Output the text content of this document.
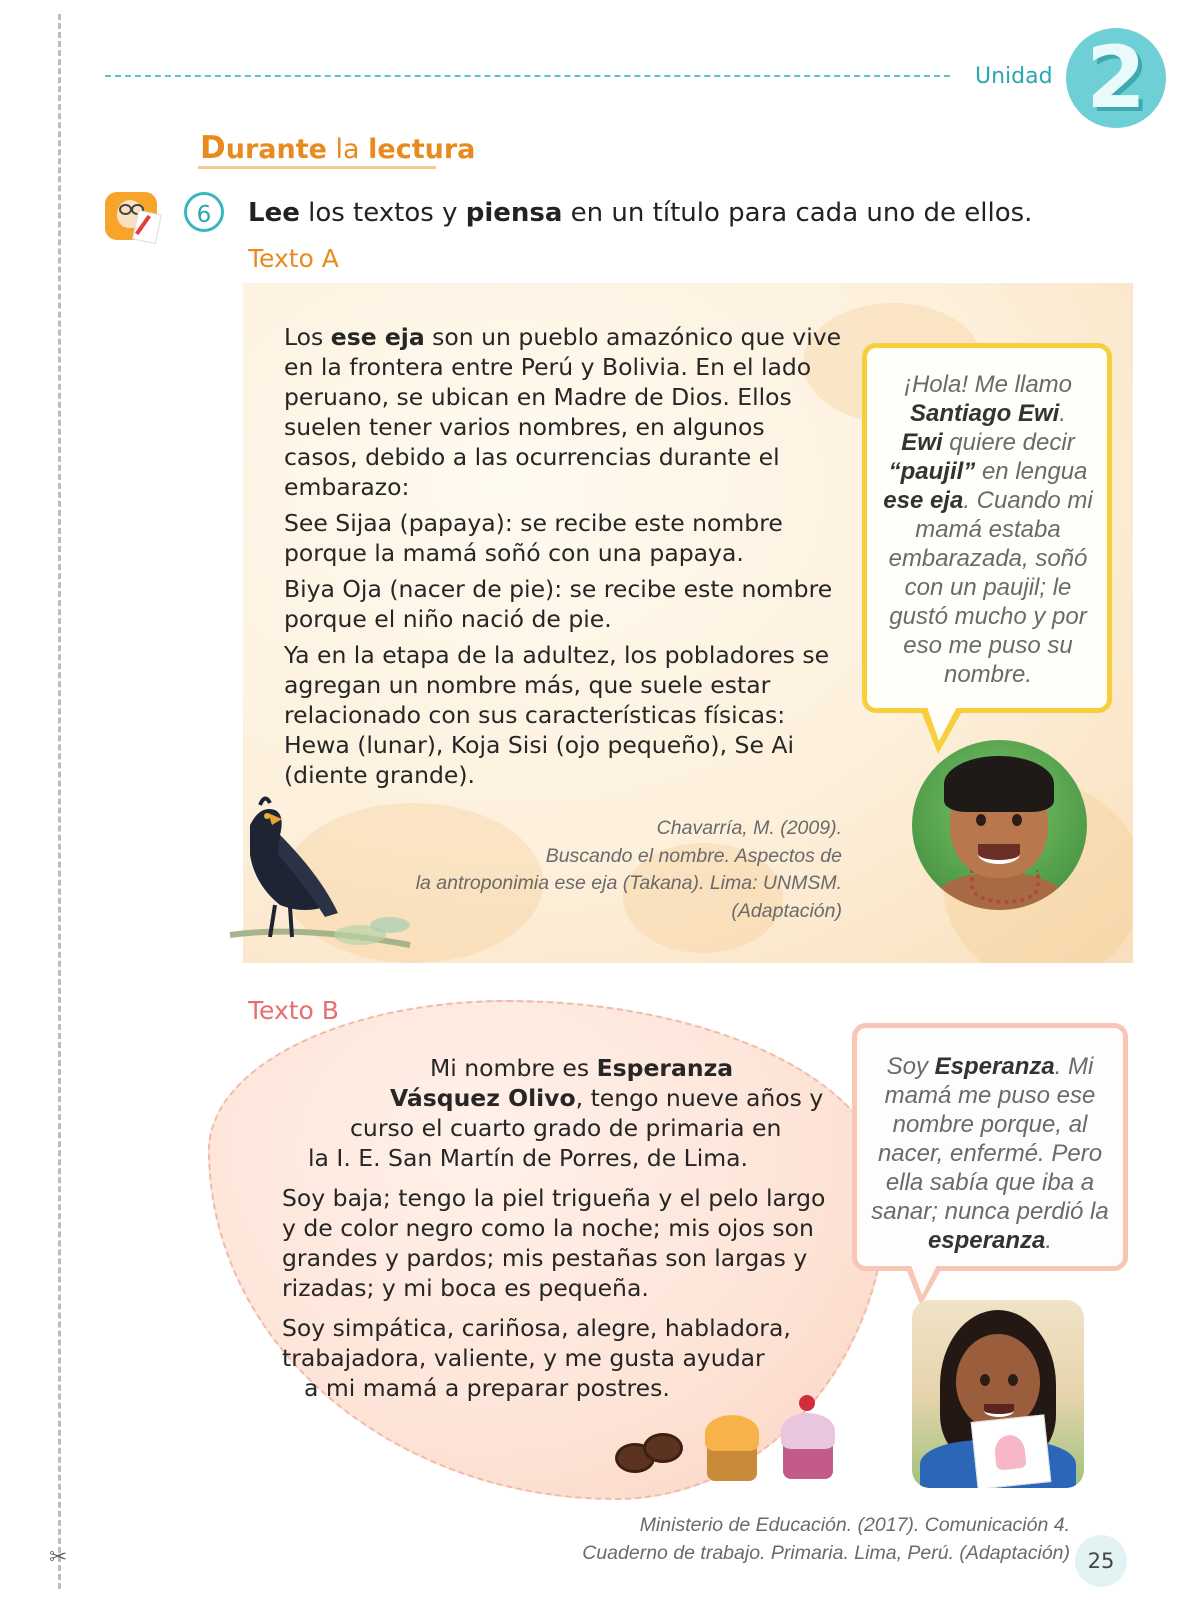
✂
Unidad 2
Durante la lectura
6	Lee los textos y piensa en un título para cada uno de ellos.
Texto A

Los ese eja son un pueblo amazónico que vive en la frontera entre Perú y Bolivia. En el lado peruano, se ubican en Madre de Dios. Ellos suelen tener varios nombres, en algunos casos, debido a las ocurrencias durante el embarazo:

See Sijaa (papaya): se recibe este nombre porque la mamá soñó con una papaya.

Biya Oja (nacer de pie): se recibe este nombre porque el niño nació de pie.

Ya en la etapa de la adultez, los pobladores se agregan un nombre más, que suele estar relacionado con sus características físicas: Hewa (lunar), Koja Sisi (ojo pequeño), Se Ai (diente grande).

Chavarría, M. (2009).
Buscando el nombre. Aspectos de
la antroponimia ese eja (Takana). Lima: UNMSM.
(Adaptación)
¡Hola! Me llamo
Santiago Ewi.
Ewi quiere decir
“paujil” en lengua
ese eja. Cuando mi mamá estaba embarazada, soñó con un paujil; le gustó mucho y por eso me puso su nombre.
Texto B
Mi nombre es Esperanza
Vásquez Olivo, tengo nueve años y
curso el cuarto grado de primaria en
la I. E. San Martín de Porres, de Lima.

Soy baja; tengo la piel trigueña y el pelo largo y de color negro como la noche; mis ojos son grandes y pardos; mis pestañas son largas y rizadas; y mi boca es pequeña.

Soy simpática, cariñosa, alegre, habladora,
trabajadora, valiente, y me gusta ayudar
a mi mamá a preparar postres.
Soy Esperanza. Mi mamá me puso ese nombre porque, al nacer, enfermé. Pero ella sabía que iba a sanar; nunca perdió la esperanza.
Ministerio de Educación. (2017). Comunicación 4.
Cuaderno de trabajo. Primaria. Lima, Perú. (Adaptación) 25
